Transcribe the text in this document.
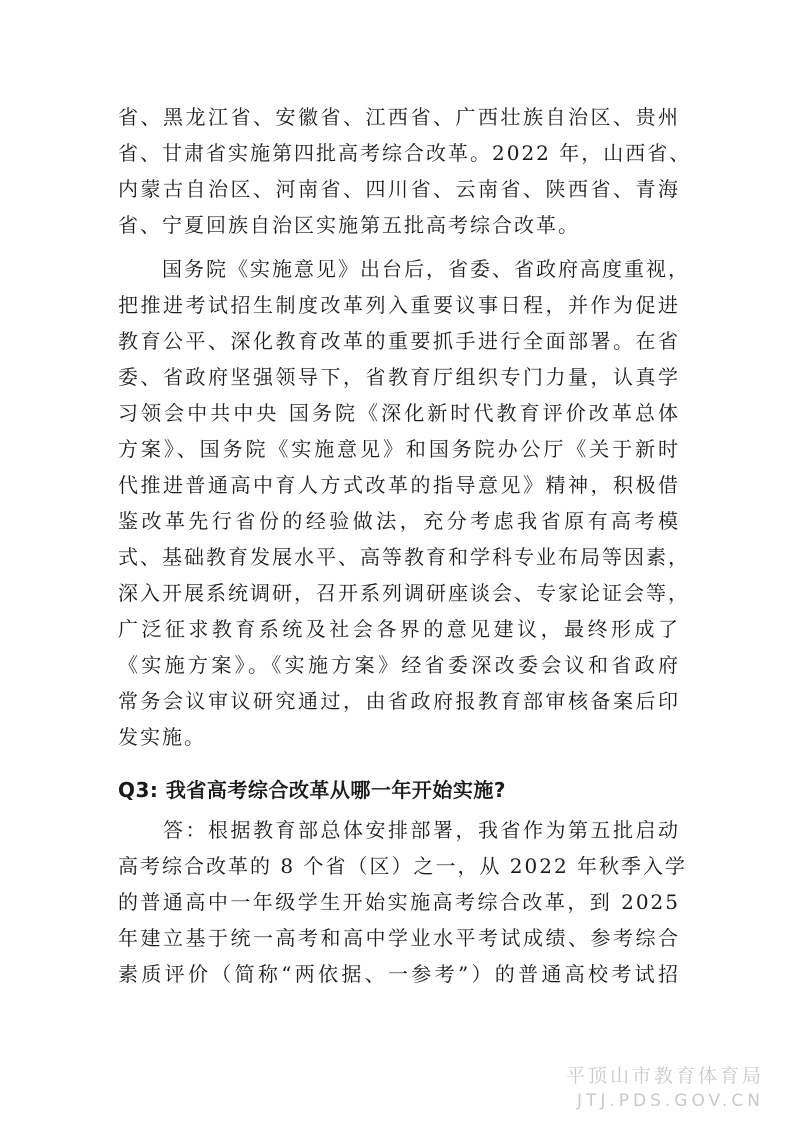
省、黑龙江省、安徽省、江西省、广西壮族自治区、贵州
省、甘肃省实施第四批高考综合改革。2022 年，山西省、
内蒙古自治区、河南省、四川省、云南省、陕西省、青海
省、宁夏回族自治区实施第五批高考综合改革。

　　国务院《实施意见》出台后，省委、省政府高度重视，
把推进考试招生制度改革列入重要议事日程，并作为促进
教育公平、深化教育改革的重要抓手进行全面部署。在省
委、省政府坚强领导下，省教育厅组织专门力量，认真学
习领会中共中央 国务院《深化新时代教育评价改革总体
方案》、国务院《实施意见》和国务院办公厅《关于新时
代推进普通高中育人方式改革的指导意见》精神，积极借
鉴改革先行省份的经验做法，充分考虑我省原有高考模
式、基础教育发展水平、高等教育和学科专业布局等因素，
深入开展系统调研，召开系列调研座谈会、专家论证会等，
广泛征求教育系统及社会各界的意见建议，最终形成了
《实施方案》。《实施方案》经省委深改委会议和省政府
常务会议审议研究通过，由省政府报教育部审核备案后印
发实施。

Q3: 我省高考综合改革从哪一年开始实施?

　　答：根据教育部总体安排部署，我省作为第五批启动
高考综合改革的 8 个省（区）之一，从 2022 年秋季入学
的普通高中一年级学生开始实施高考综合改革，到 2025
年建立基于统一高考和高中学业水平考试成绩、参考综合
素质评价（简称“两依据、一参考”）的普通高校考试招

平顶山市教育体育局
JTJ.PDS.GOV.CN
